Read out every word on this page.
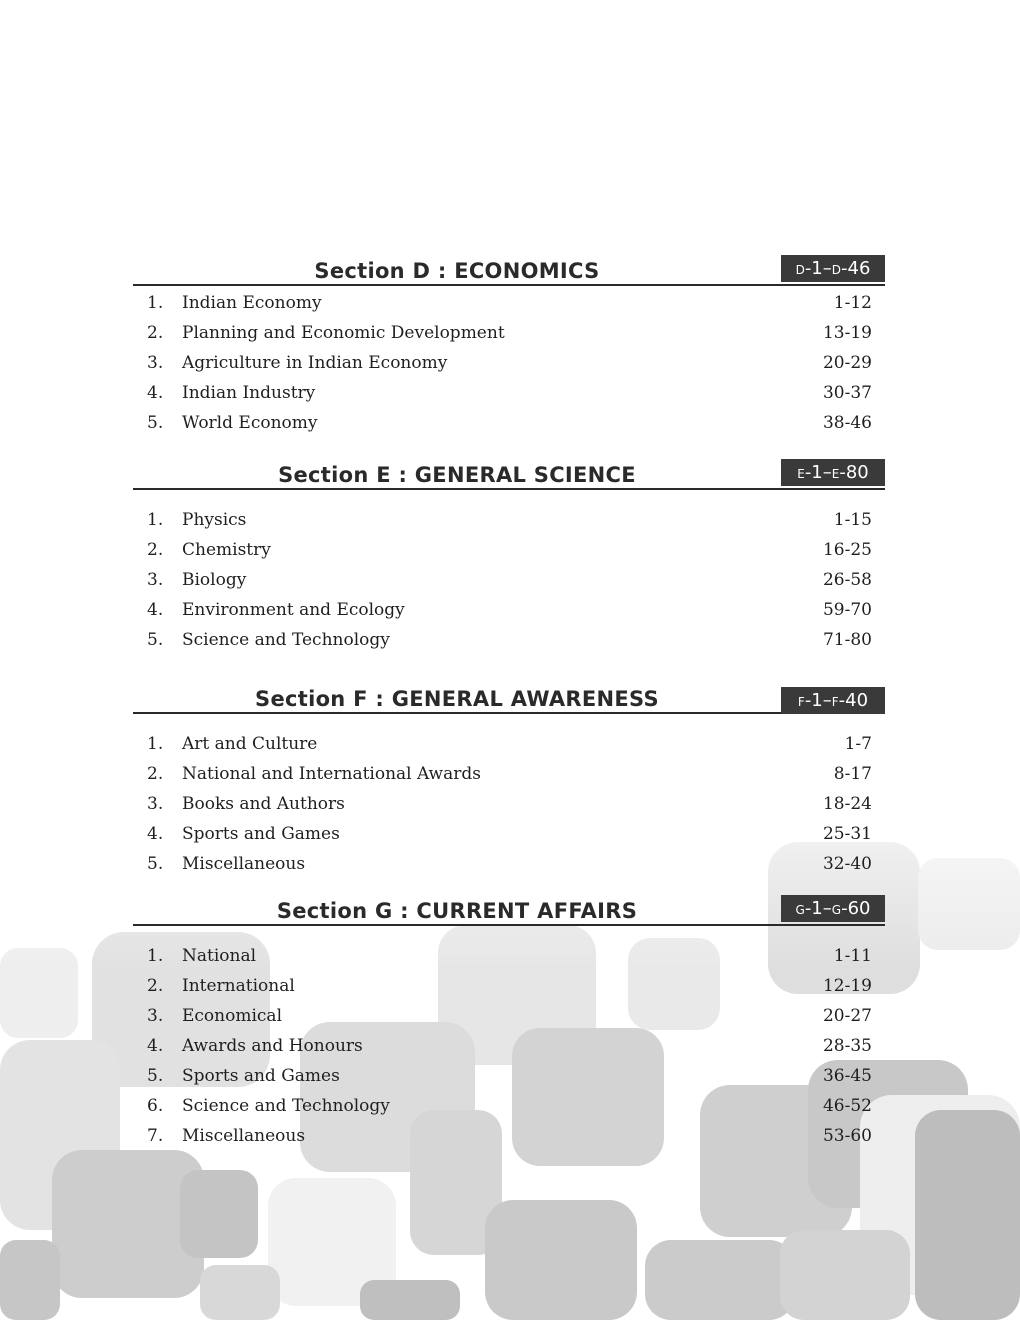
Section D : ECONOMICS	D-1–D-46
1. Indian Economy	1-12
2. Planning and Economic Development	13-19
3. Agriculture in Indian Economy	20-29
4. Indian Industry	30-37
5. World Economy	38-46
Section E : GENERAL SCIENCE	E-1–E-80
1. Physics	1-15
2. Chemistry	16-25
3. Biology	26-58
4. Environment and Ecology	59-70
5. Science and Technology	71-80
Section F : GENERAL AWARENESS	F-1–F-40
1. Art and Culture	1-7
2. National and International Awards	8-17
3. Books and Authors	18-24
4. Sports and Games	25-31
5. Miscellaneous	32-40
Section G : CURRENT AFFAIRS	G-1–G-60
1. National	1-11
2. International	12-19
3. Economical	20-27
4. Awards and Honours	28-35
5. Sports and Games	36-45
6. Science and Technology	46-52
7. Miscellaneous	53-60
